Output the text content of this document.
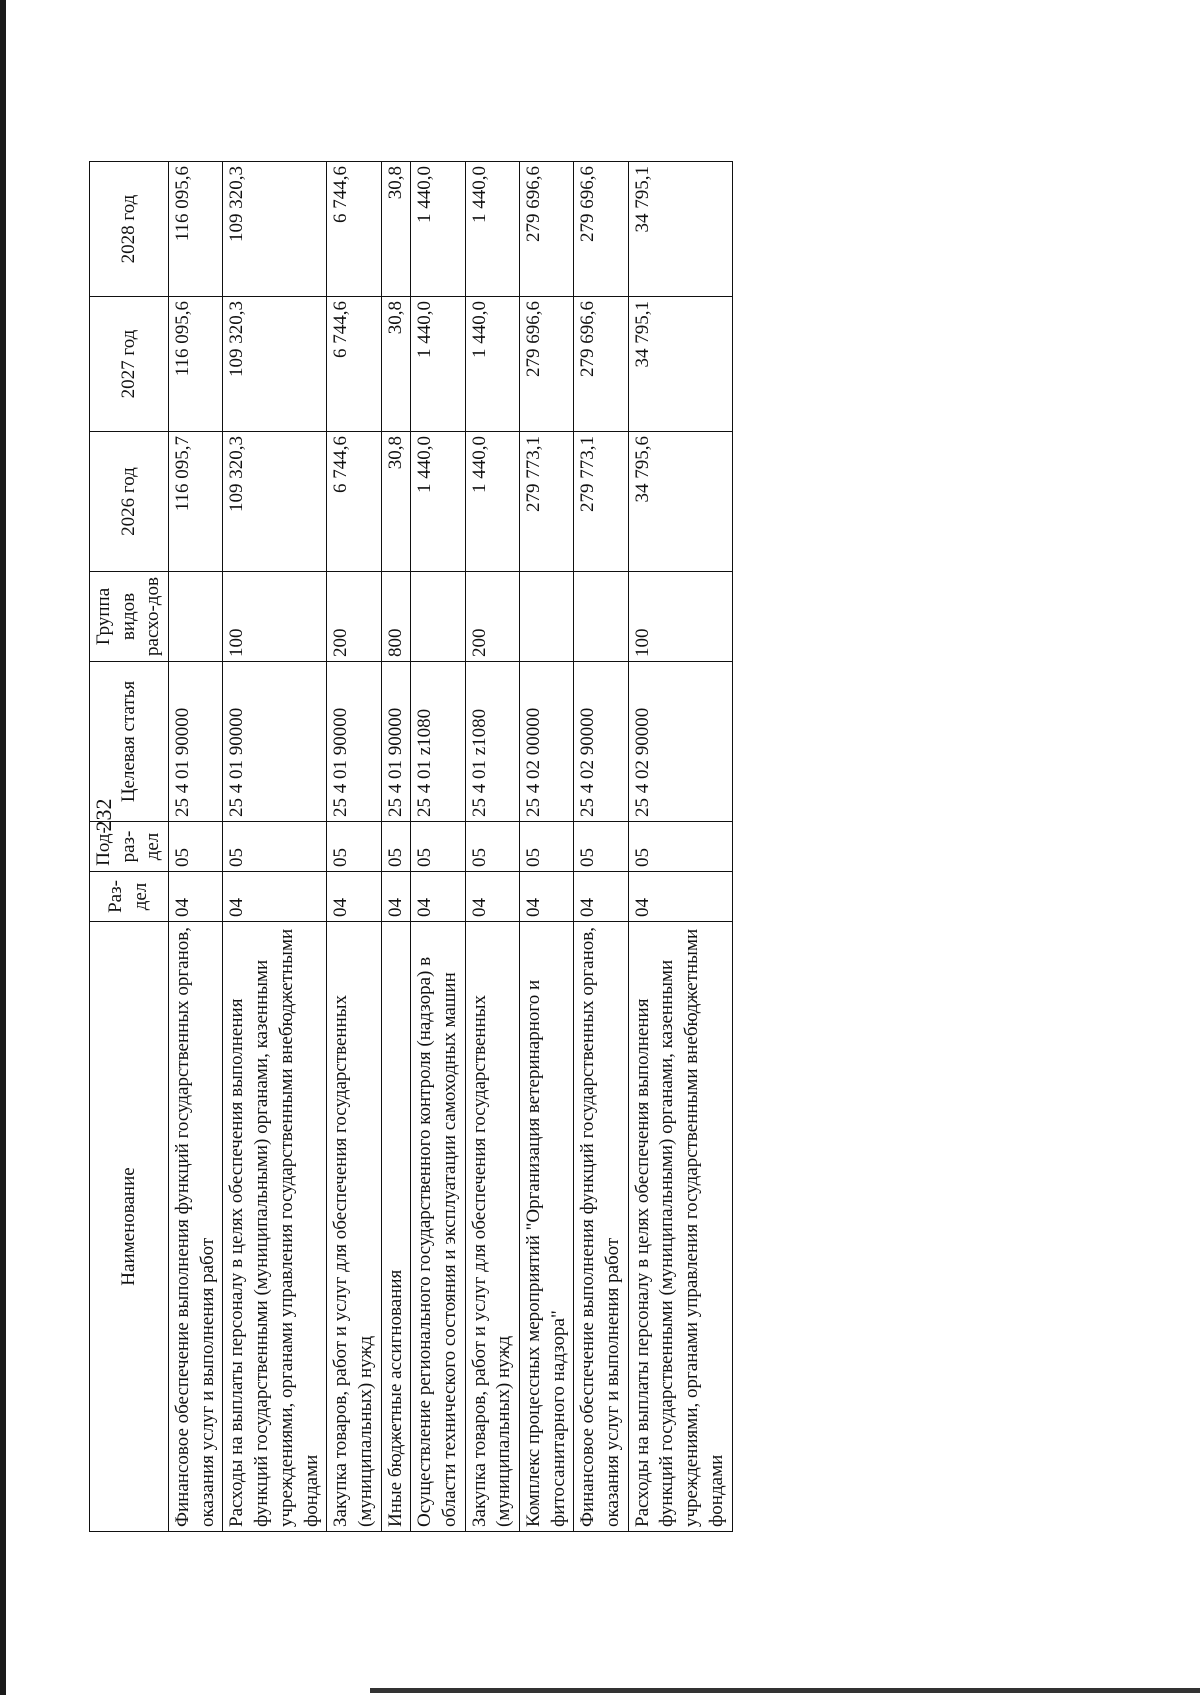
232
Наименование	Раз-дел	Под-раз-дел	Целевая статья	Группа видов расхо-дов	2026 год	2027 год	2028 год
Финансовое обеспечение выполнения функций государственных органов, оказания услуг и выполнения работ	04	05	25 4 01 90000		116 095,7	116 095,6	116 095,6
Расходы на выплаты персоналу в целях обеспечения выполнения функций государственными (муниципальными) органами, казенными учреждениями, органами управления государственными внебюджетными фондами	04	05	25 4 01 90000	100	109 320,3	109 320,3	109 320,3
Закупка товаров, работ и услуг для обеспечения государственных (муниципальных) нужд	04	05	25 4 01 90000	200	6 744,6	6 744,6	6 744,6
Иные бюджетные ассигнования	04	05	25 4 01 90000	800	30,8	30,8	30,8
Осуществление регионального государственного контроля (надзора) в области технического состояния и эксплуатации самоходных машин	04	05	25 4 01 z1080		1 440,0	1 440,0	1 440,0
Закупка товаров, работ и услуг для обеспечения государственных (муниципальных) нужд	04	05	25 4 01 z1080	200	1 440,0	1 440,0	1 440,0
Комплекс процессных мероприятий "Организация ветеринарного и фитосанитарного надзора"	04	05	25 4 02 00000		279 773,1	279 696,6	279 696,6
Финансовое обеспечение выполнения функций государственных органов, оказания услуг и выполнения работ	04	05	25 4 02 90000		279 773,1	279 696,6	279 696,6
Расходы на выплаты персоналу в целях обеспечения выполнения функций государственными (муниципальными) органами, казенными учреждениями, органами управления государственными внебюджетными фондами	04	05	25 4 02 90000	100	34 795,6	34 795,1	34 795,1
